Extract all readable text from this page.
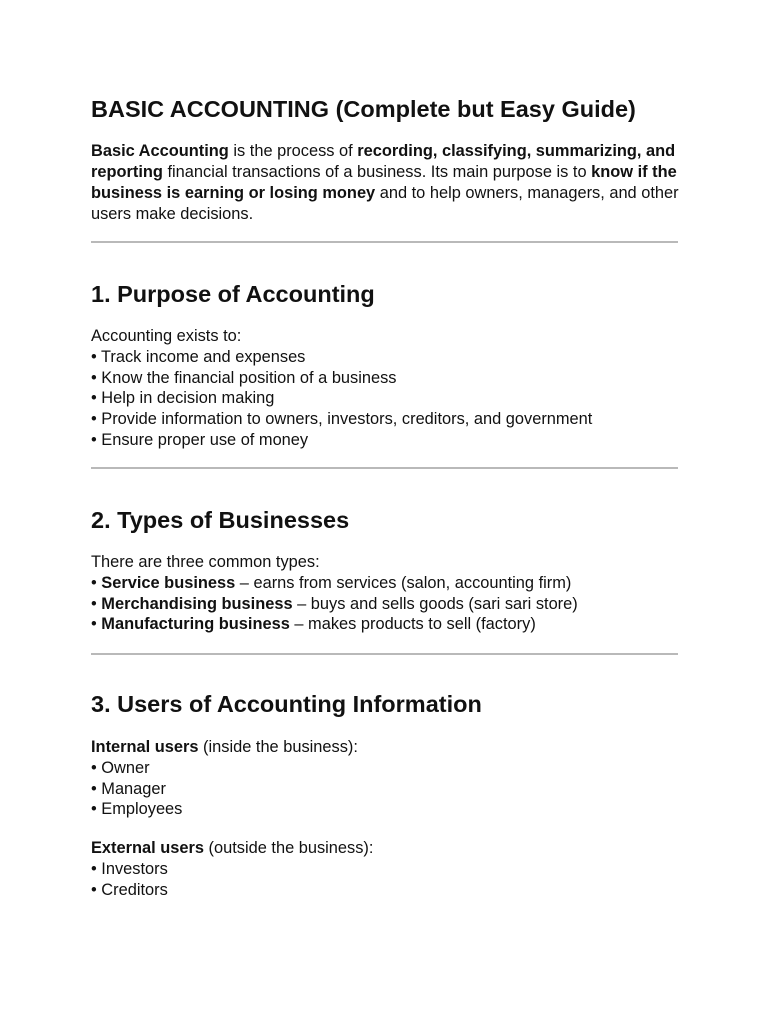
BASIC ACCOUNTING (Complete but Easy Guide)

Basic Accounting is the process of recording, classifying, summarizing, and reporting financial transactions of a business. Its main purpose is to know if the business is earning or losing money and to help owners, managers, and other users make decisions.

1. Purpose of Accounting
Accounting exists to:
• Track income and expenses
• Know the financial position of a business
• Help in decision making
• Provide information to owners, investors, creditors, and government
• Ensure proper use of money
2. Types of Businesses
There are three common types:
• Service business – earns from services (salon, accounting firm)
• Merchandising business – buys and sells goods (sari sari store)
• Manufacturing business – makes products to sell (factory)
3. Users of Accounting Information
Internal users (inside the business):
• Owner
• Manager
• Employees
External users (outside the business):
• Investors
• Creditors
